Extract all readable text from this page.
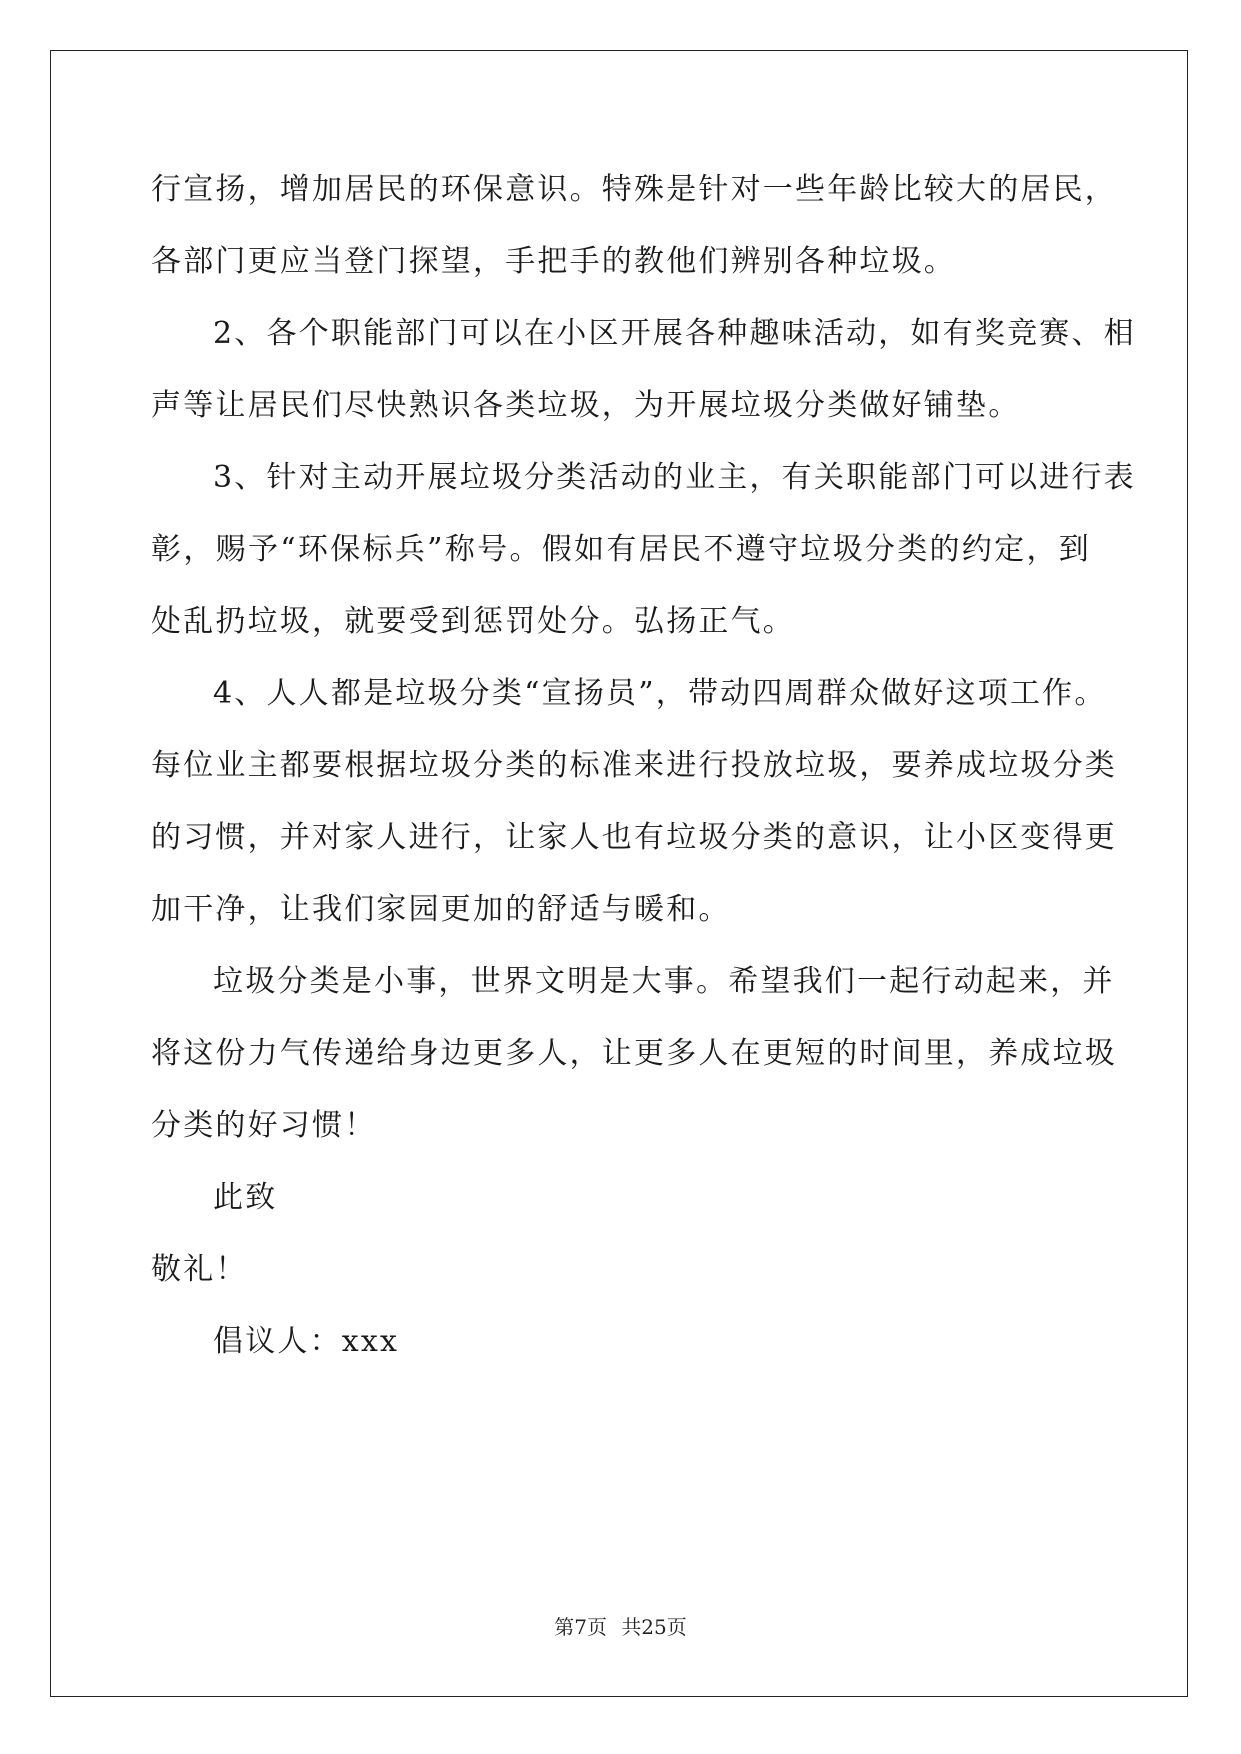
行宣扬，增加居民的环保意识。特殊是针对一些年龄比较大的居民，
各部门更应当登门探望，手把手的教他们辨别各种垃圾。
2、各个职能部门可以在小区开展各种趣味活动，如有奖竞赛、相
声等让居民们尽快熟识各类垃圾，为开展垃圾分类做好铺垫。
3、针对主动开展垃圾分类活动的业主，有关职能部门可以进行表
彰，赐予“环保标兵”称号。假如有居民不遵守垃圾分类的约定，到
处乱扔垃圾，就要受到惩罚处分。弘扬正气。
4、人人都是垃圾分类“宣扬员”，带动四周群众做好这项工作。
每位业主都要根据垃圾分类的标准来进行投放垃圾，要养成垃圾分类
的习惯，并对家人进行，让家人也有垃圾分类的意识，让小区变得更
加干净，让我们家园更加的舒适与暖和。
垃圾分类是小事，世界文明是大事。希望我们一起行动起来，并
将这份力气传递给身边更多人，让更多人在更短的时间里，养成垃圾
分类的好习惯！
此致
敬礼！
倡议人：xxx
第7页 共25页
